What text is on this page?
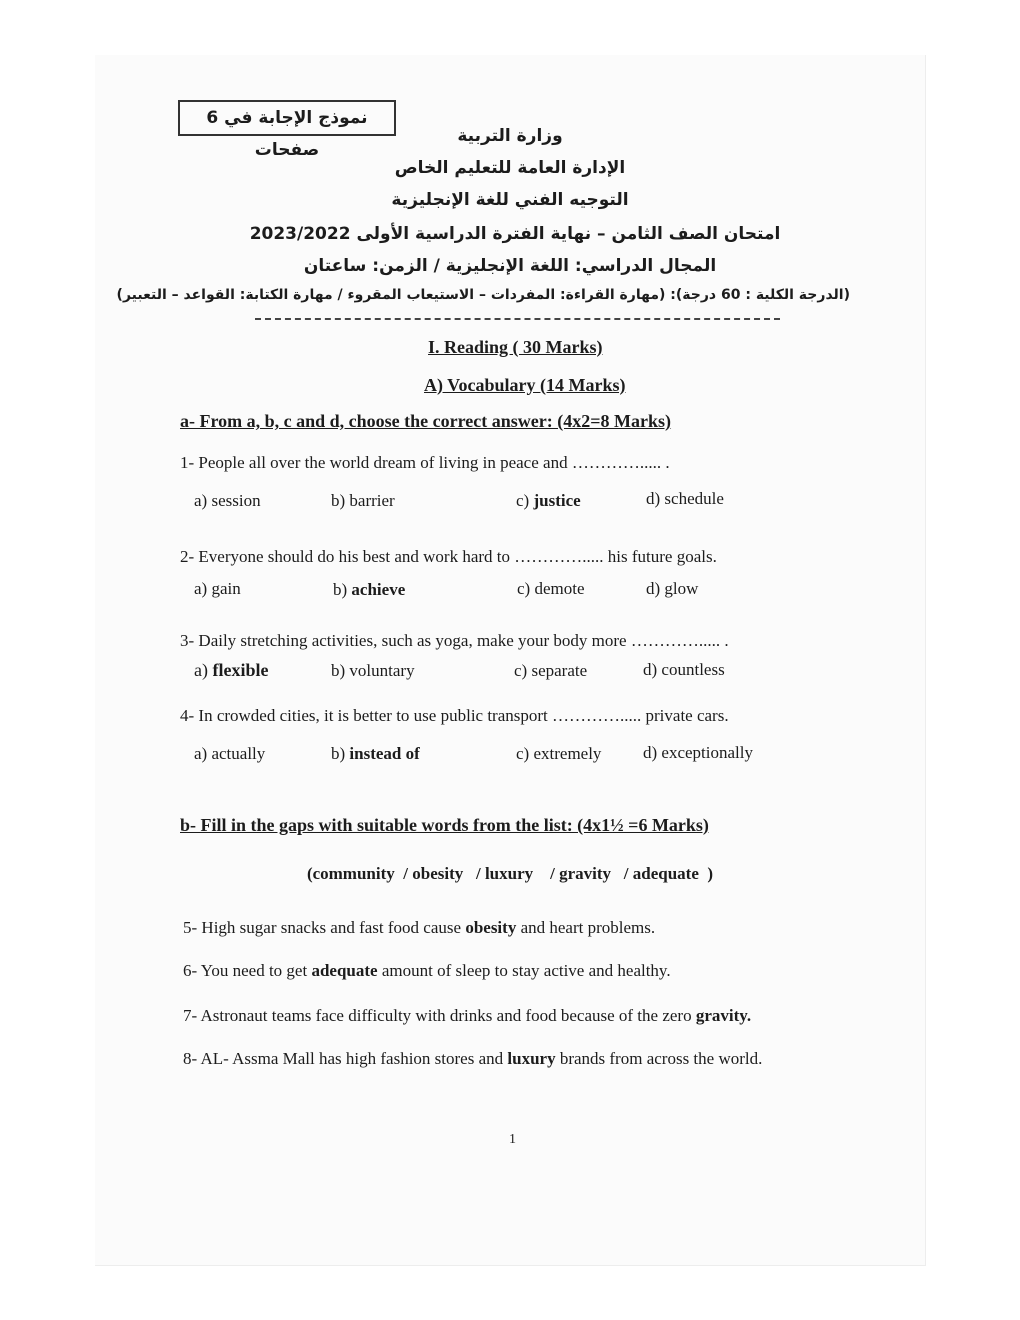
نموذج الإجابة في 6 صفحات
وزارة التربية
الإدارة العامة للتعليم الخاص
التوجيه الفني للغة الإنجليزية
امتحان الصف الثامن – نهاية الفترة الدراسية الأولى 2023/2022
المجال الدراسي: اللغة الإنجليزية / الزمن: ساعتان
(الدرجة الكلية : 60 درجة): (مهارة القراءة: المفردات – الاستيعاب المقروء / مهارة الكتابة: القواعد – التعبير)
I. Reading ( 30 Marks)
A) Vocabulary (14 Marks)
a- From a, b, c and d, choose the correct answer: (4x2=8 Marks)
1- People all over the world dream of living in peace and …………..... .
a) session	b) barrier	c) justice	d) schedule
2- Everyone should do his best and work hard to …………..... his future goals.
a) gain	b) achieve	c) demote	d) glow
3- Daily stretching activities, such as yoga, make your body more …………..... .
a) flexible	b) voluntary	c) separate	d) countless
4- In crowded cities, it is better to use public transport …………..... private cars.
a) actually	b) instead of	c) extremely d) exceptionally
b- Fill in the gaps with suitable words from the list: (4x1½ =6 Marks)
(community  / obesity   / luxury    / gravity   / adequate  )
5- High sugar snacks and fast food cause obesity and heart problems.
6- You need to get adequate amount of sleep to stay active and healthy.
7- Astronaut teams face difficulty with drinks and food because of the zero gravity.
8- AL- Assma Mall has high fashion stores and luxury brands from across the world.
1
